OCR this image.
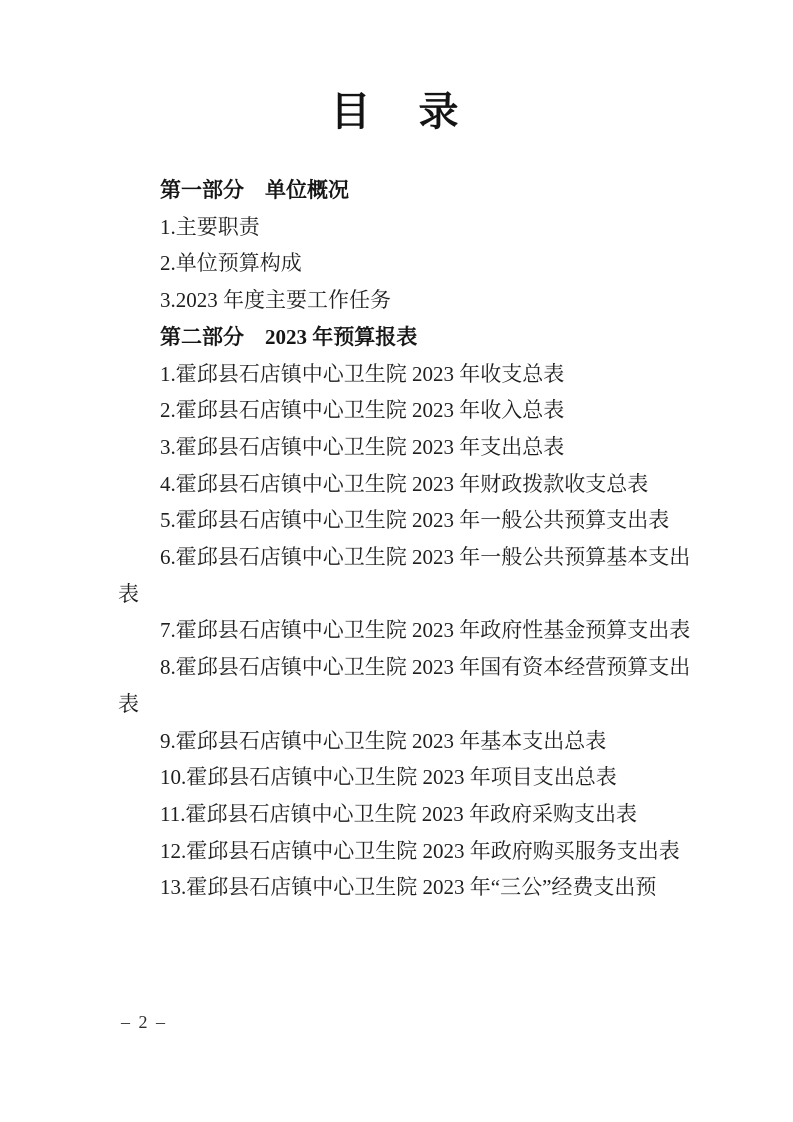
目　录

第一部分　单位概况

1.主要职责

2.单位预算构成

3.2023 年度主要工作任务

第二部分　2023 年预算报表

1.霍邱县石店镇中心卫生院 2023 年收支总表

2.霍邱县石店镇中心卫生院 2023 年收入总表

3.霍邱县石店镇中心卫生院 2023 年支出总表

4.霍邱县石店镇中心卫生院 2023 年财政拨款收支总表

5.霍邱县石店镇中心卫生院 2023 年一般公共预算支出表

6.霍邱县石店镇中心卫生院 2023 年一般公共预算基本支出表

7.霍邱县石店镇中心卫生院 2023 年政府性基金预算支出表

8.霍邱县石店镇中心卫生院 2023 年国有资本经营预算支出表

9.霍邱县石店镇中心卫生院 2023 年基本支出总表

10.霍邱县石店镇中心卫生院 2023 年项目支出总表

11.霍邱县石店镇中心卫生院 2023 年政府采购支出表

12.霍邱县石店镇中心卫生院 2023 年政府购买服务支出表

13.霍邱县石店镇中心卫生院 2023 年“三公”经费支出预

– 2 –
